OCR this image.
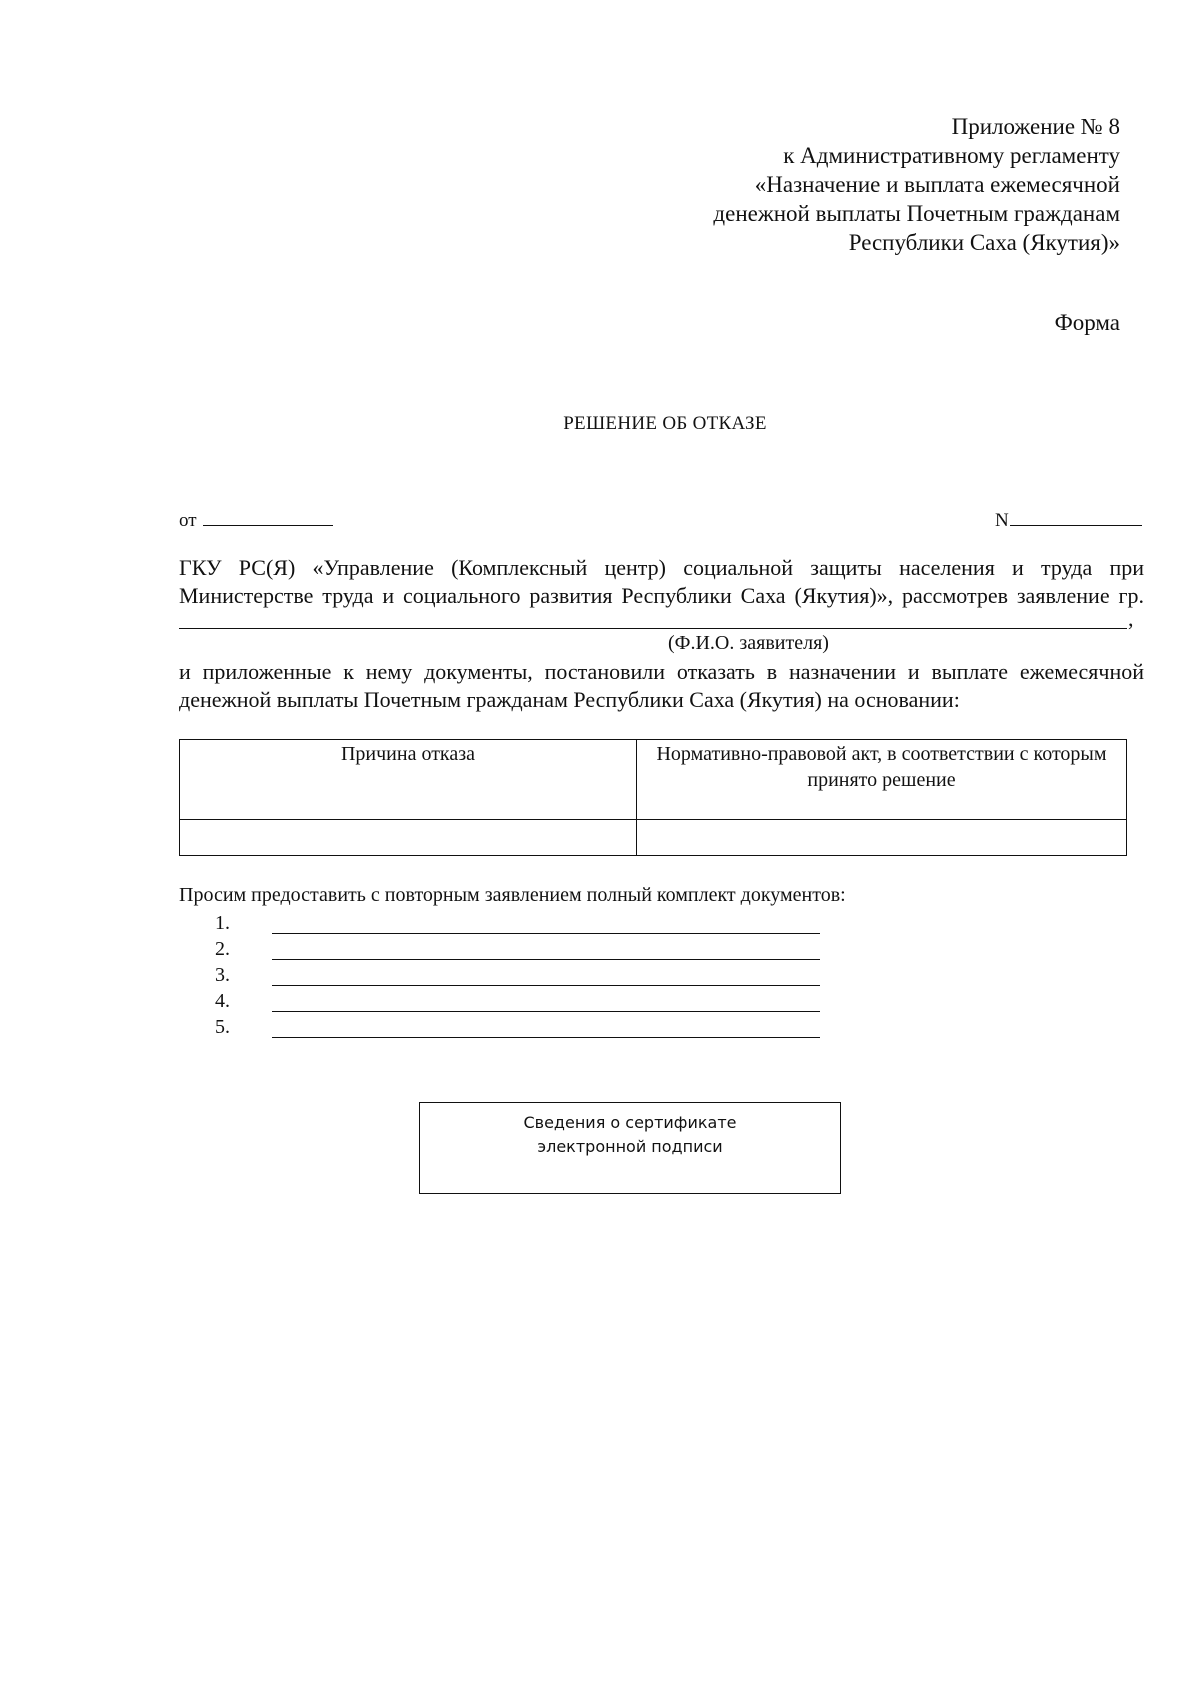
Приложение № 8
к Административному регламенту
«Назначение и выплата ежемесячной
денежной выплаты Почетным гражданам
Республики Саха (Якутия)»
Форма
РЕШЕНИЕ ОБ ОТКАЗЕ
от	N
ГКУ РС(Я) «Управление (Комплексный центр) социальной защиты населения и труда при
Министерстве труда и социального развития Республики Саха (Якутия)», рассмотрев заявление гр.
,
(Ф.И.О. заявителя)
и приложенные к нему документы, постановили отказать в назначении и выплате ежемесячной
денежной выплаты Почетным гражданам Республики Саха (Якутия) на основании:
Причина отказа	Нормативно-правовой акт, в соответствии с которым принято решение

Просим предоставить с повторным заявлением полный комплект документов:
1.
2.
3.
4.
5.
Сведения о сертификате
электронной подписи
